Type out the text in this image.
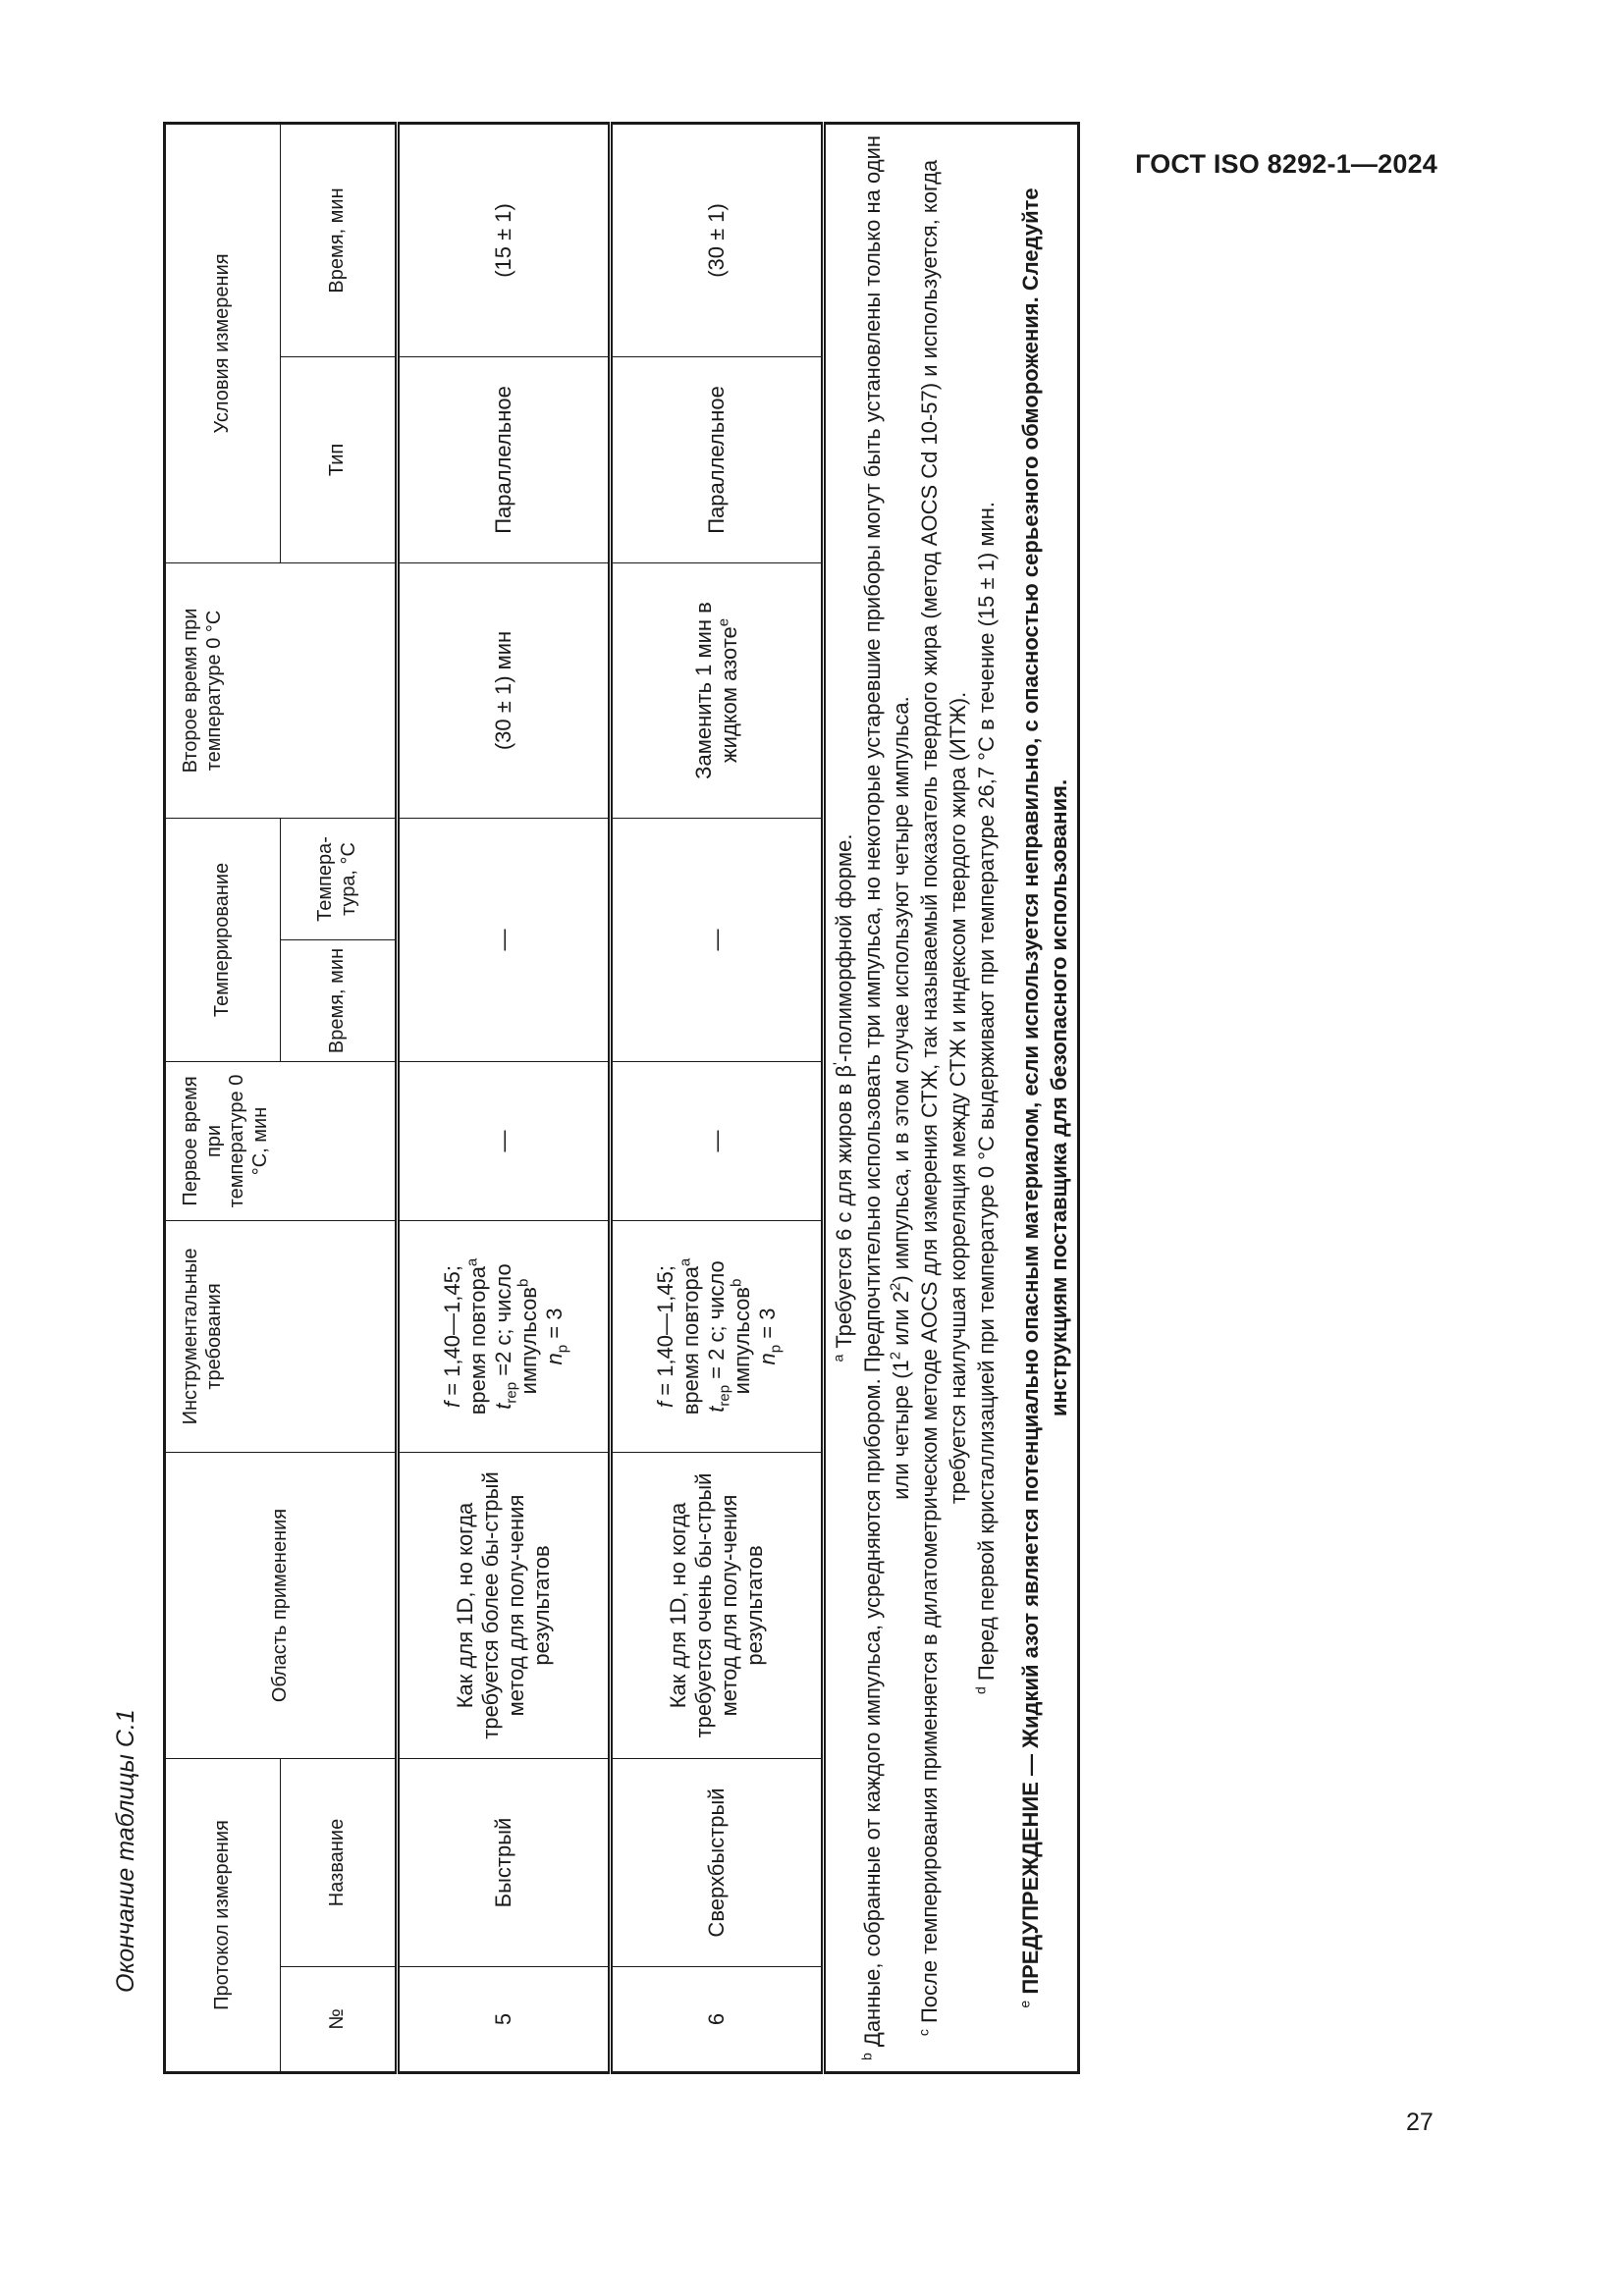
ГОСТ ISO 8292-1—2024
Окончание таблицы С.1	Протокол измерения		Область применения	Инструментальные требования	Первое время при температуре 0 °С, мин	Темперирование		Второе время при температуре 0 °С	Условия измерения	
№	Название				Время, мин	Темпера-тура, °С		Тип	Время, мин
5	Быстрый	Как для 1D, но когда требуется более бы-стрый метод для полу-чения результатов	f = 1,40—1,45;
время повтора$^a$
$t_{rep} =2$ с; число
импульсов$^b$
$n_p = 3$	—	—		(30 ± 1) мин	Параллельное	(15 ± 1)
6	Сверхбыстрый	Как для 1D, но когда требуется очень бы-стрый метод для полу-чения результатов	f = 1,40—1,45;
время повтора$^a$
$t_{rep} = 2$ с; число
импульсов$^b$
$n_p = 3$	—	—		Заменить 1 мин в жидком азоте$^e$	Параллельное	(30 ± 1)

$^a$ Требуется 6 с для жиров в β'-полиморфной форме.
$^b$ Данные, собранные от каждого импульса, усредняются прибором. Предпочтительно использовать три импульса, но некоторые устаревшие приборы могут быть установлены только на один или четыре ($1^2$ или $2^2$) импульса, и в этом случае используют четыре импульса.
$^c$ После темперирования применяется в дилатометрическом методе AOCS для измерения СТЖ, так называемый показатель твердого жира (метод AOCS Cd 10-57) и используется, когда требуется наилучшая корреляция между СТЖ и индексом твердого жира (ИТЖ).
$^d$ Перед первой кристаллизацией при температуре 0 °С выдерживают при температуре 26,7 °С в течение (15 ± 1) мин.
$^e$ ПРЕДУПРЕЖДЕНИЕ — Жидкий азот является потенциально опасным материалом, если используется неправильно, с опасностью серьезного обморожения. Следуйте инструкциям поставщика для безопасного использования.									
27
